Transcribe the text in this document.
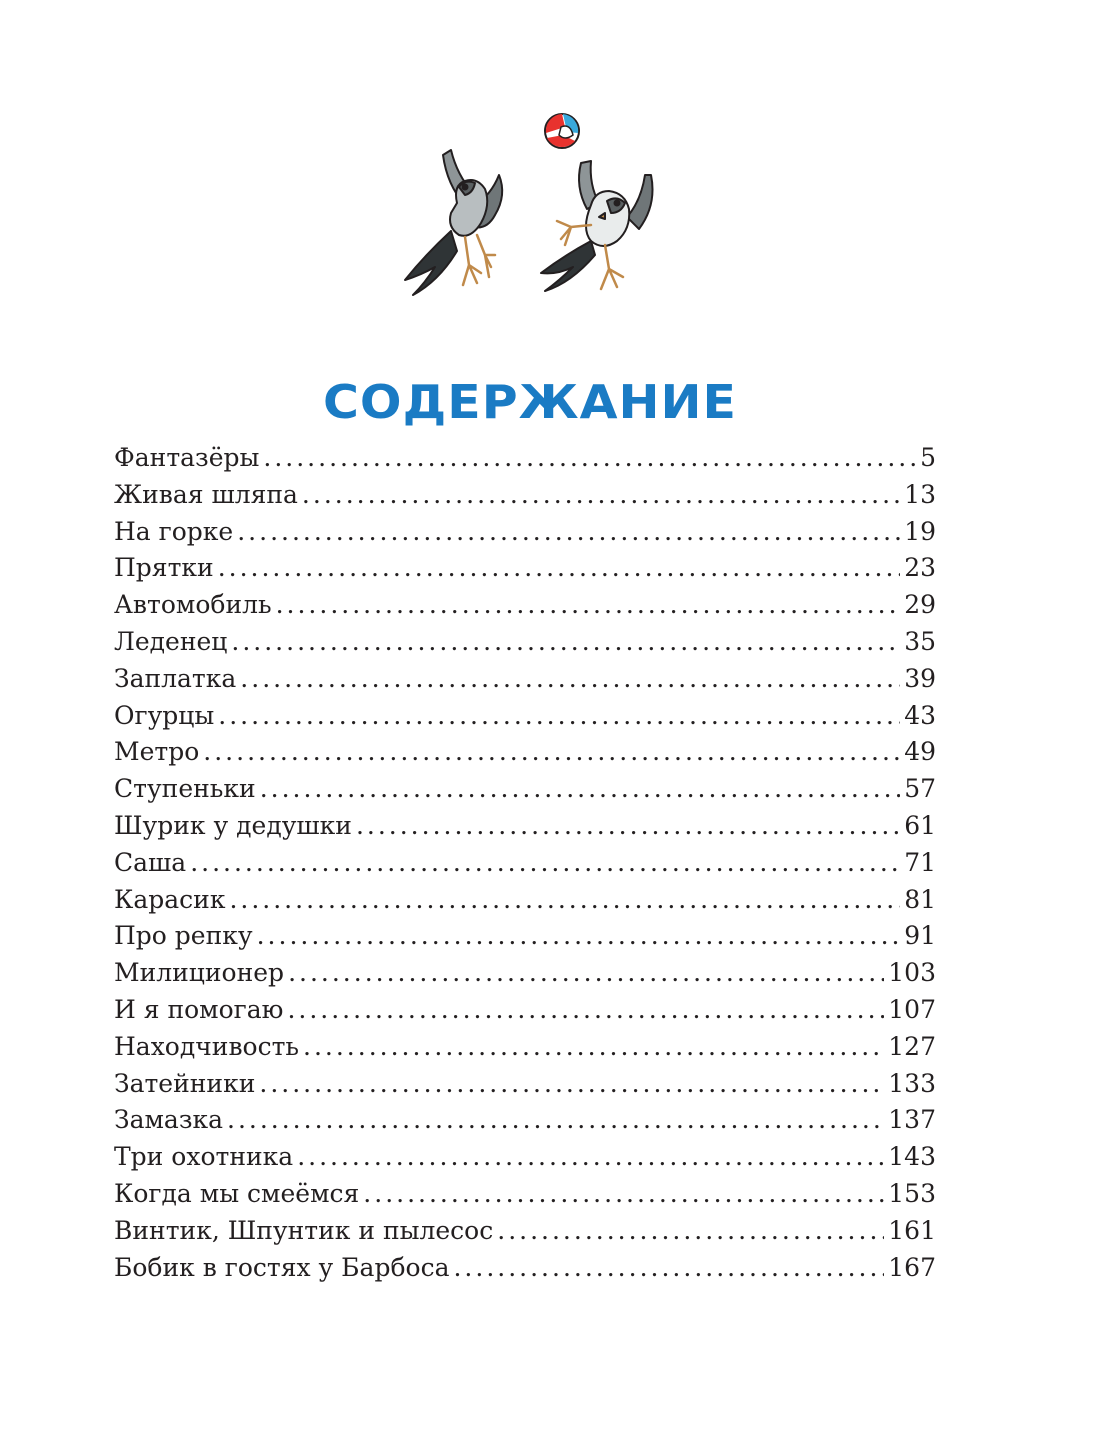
СОДЕРЖАНИЕ
Фантазёры .....	5
Живая шляпа .....	13
На горке .....	19
Прятки .....	23
Автомобиль .....	29
Леденец .....	35
Заплатка .....	39
Огурцы .....	43
Метро .....	49
Ступеньки .....	57
Шурик у дедушки .....	61
Саша .....	71
Карасик .....	81
Про репку .....	91
Милиционер .....	103
И я помогаю .....	107
Находчивость .....	127
Затейники .....	133
Замазка .....	137
Три охотника .....	143
Когда мы смеёмся .....	153
Винтик, Шпунтик и пылесос .....	161
Бобик в гостях у Барбоса .....	167
